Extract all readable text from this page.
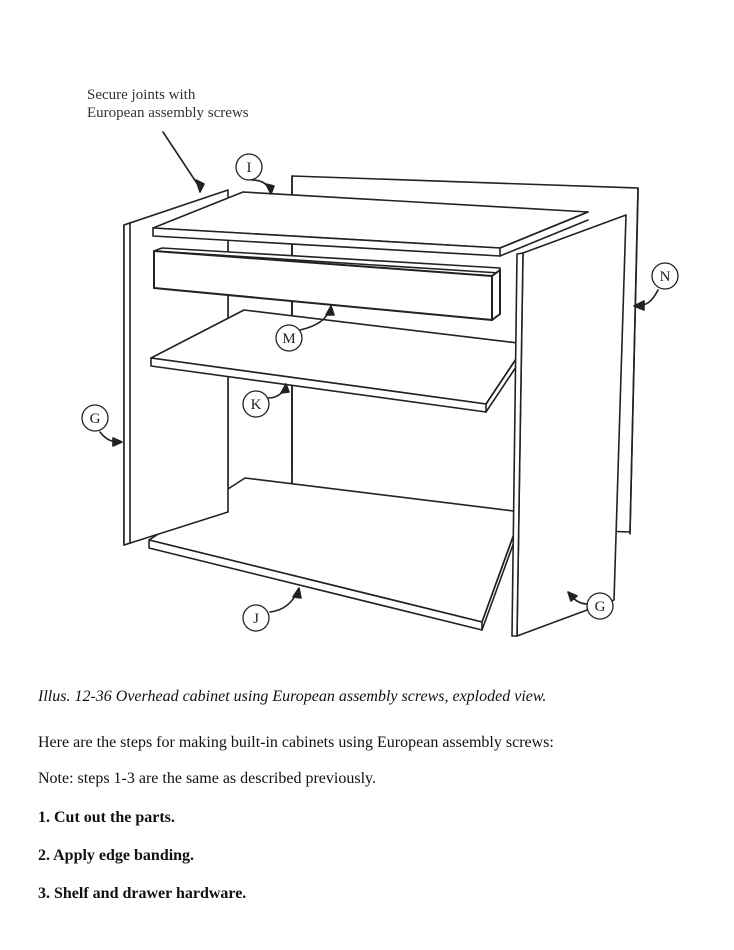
I
N
M
K
G
J
G
Secure joints with
European assembly screws
Illus. 12-36 Overhead cabinet using European assembly screws, exploded view.
Here are the steps for making built-in cabinets using European assembly screws:
Note: steps 1-3 are the same as described previously.
1. Cut out the parts.
2. Apply edge banding.
3. Shelf and drawer hardware.
